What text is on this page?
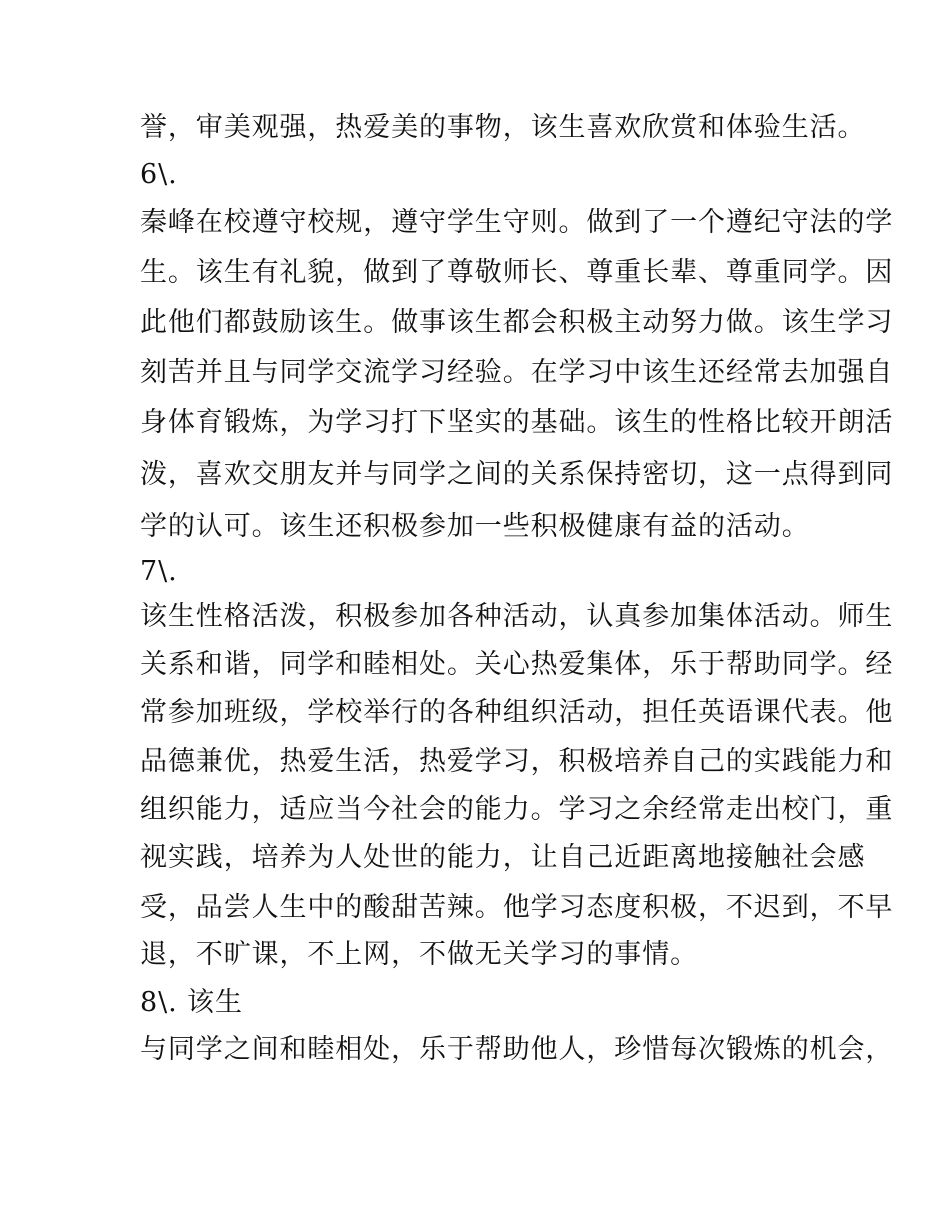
誉，审美观强，热爱美的事物，该生喜欢欣赏和体验生活。
6\.
秦峰在校遵守校规，遵守学生守则。做到了一个遵纪守法的学
生。该生有礼貌，做到了尊敬师长、尊重长辈、尊重同学。因
此他们都鼓励该生。做事该生都会积极主动努力做。该生学习
刻苦并且与同学交流学习经验。在学习中该生还经常去加强自
身体育锻炼，为学习打下坚实的基础。该生的性格比较开朗活
泼，喜欢交朋友并与同学之间的关系保持密切，这一点得到同
学的认可。该生还积极参加一些积极健康有益的活动。
7\.
该生性格活泼，积极参加各种活动，认真参加集体活动。师生
关系和谐，同学和睦相处。关心热爱集体，乐于帮助同学。经
常参加班级，学校举行的各种组织活动，担任英语课代表。他
品德兼优，热爱生活，热爱学习，积极培养自己的实践能力和
组织能力，适应当今社会的能力。学习之余经常走出校门，重
视实践，培养为人处世的能力，让自己近距离地接触社会感
受，品尝人生中的酸甜苦辣。他学习态度积极，不迟到，不早
退，不旷课，不上网，不做无关学习的事情。
8\. 该生
与同学之间和睦相处，乐于帮助他人，珍惜每次锻炼的机会，
